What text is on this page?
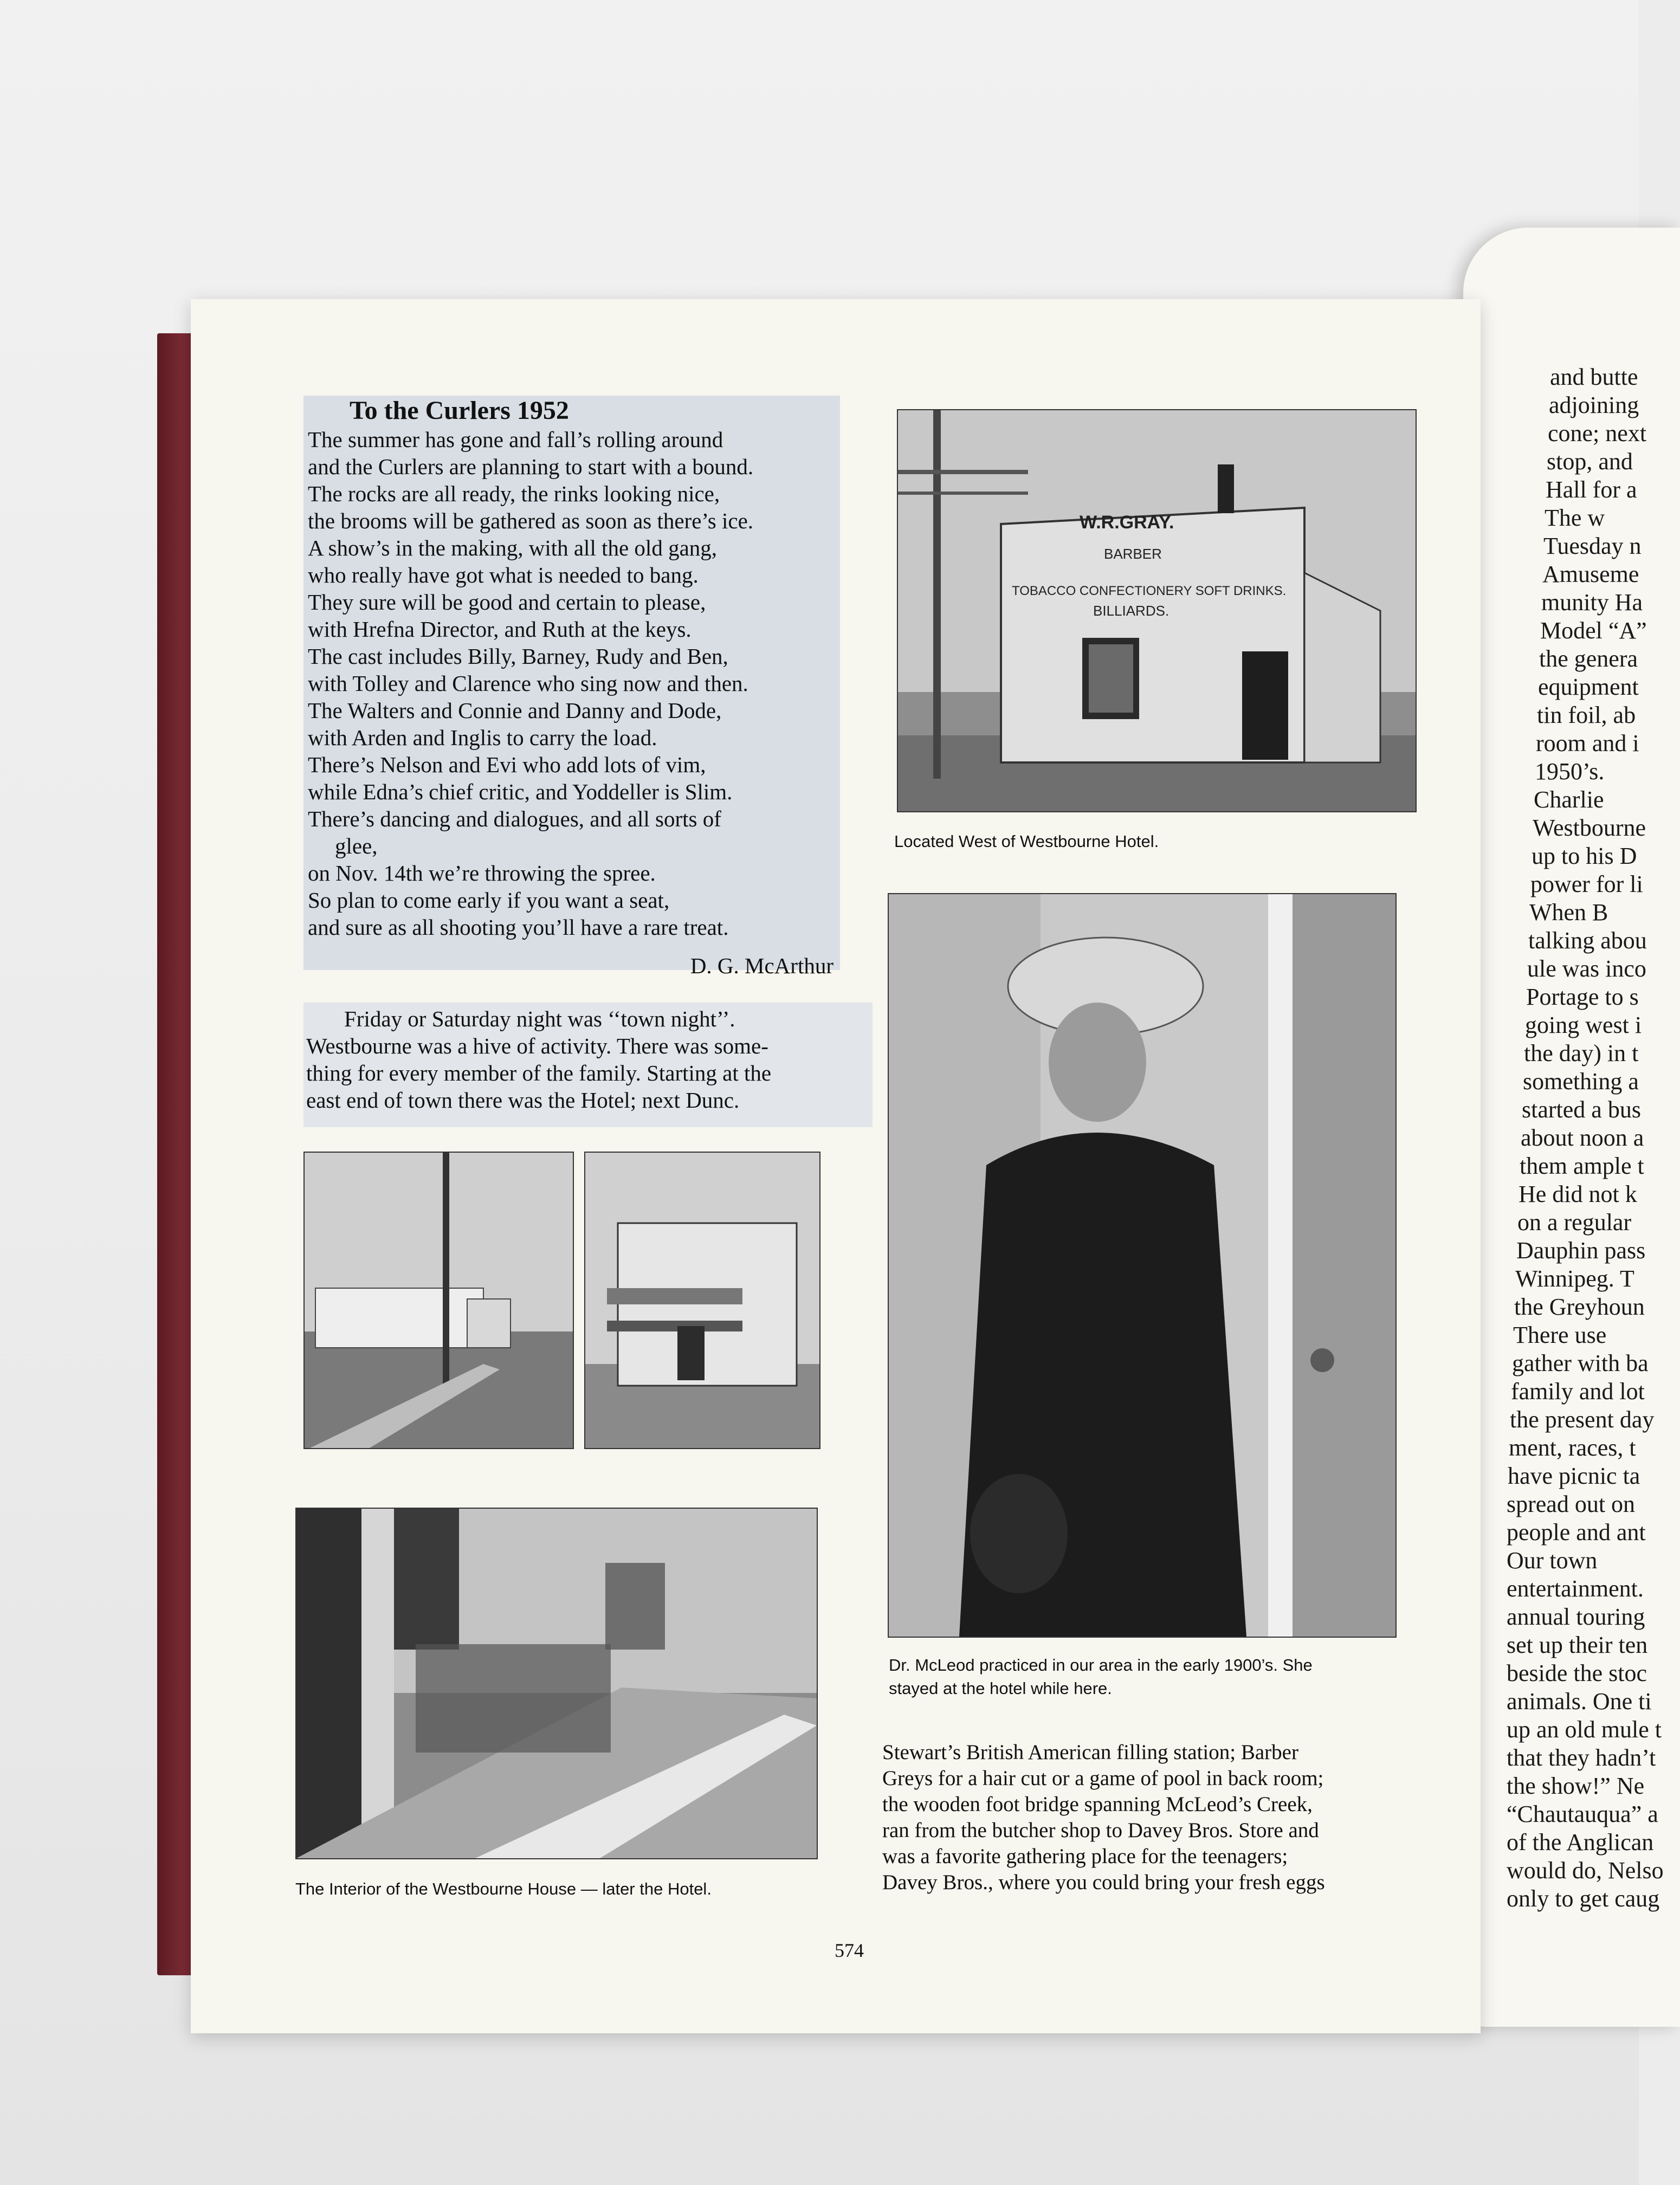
and butte
adjoining
cone; next
stop, and
Hall for a
The w
Tuesday n
Amuseme
munity Ha
Model “A”
the genera
equipment
tin foil, ab
room and i
1950’s.
Charlie
Westbourne
up to his D
power for li
When B
talking abou
ule was inco
Portage to s
going west i
the day) in t
something a
started a bus
about noon a
them ample t
He did not k
on a regular
Dauphin pass
Winnipeg. T
the Greyhoun
There use
gather with ba
family and lot
the present day
ment, races, t
have picnic ta
spread out on
people and ant
Our town
entertainment.
annual touring
set up their ten
beside the stoc
animals. One ti
up an old mule t
that they hadn’t
the show!” Ne
“Chautauqua” a
of the Anglican
would do, Nelso
only to get caug
To the Curlers 1952
The summer has gone and fall’s rolling around
and the Curlers are planning to start with a bound.
The rocks are all ready, the rinks looking nice,
the brooms will be gathered as soon as there’s ice.
A show’s in the making, with all the old gang,
who really have got what is needed to bang.
They sure will be good and certain to please,
with Hrefna Director, and Ruth at the keys.
The cast includes Billy, Barney, Rudy and Ben,
with Tolley and Clarence who sing now and then.
The Walters and Connie and Danny and Dode,
with Arden and Inglis to carry the load.
There’s Nelson and Evi who add lots of vim,
while Edna’s chief critic, and Yoddeller is Slim.
There’s dancing and dialogues, and all sorts of
glee,
on Nov. 14th we’re throwing the spree.
So plan to come early if you want a seat,
and sure as all shooting you’ll have a rare treat.
D. G. McArthur
Friday or Saturday night was ‘‘town night’’.
Westbourne was a hive of activity. There was some-
thing for every member of the family. Starting at the
east end of town there was the Hotel; next Dunc.
W.R.GRAY.
BARBER
TOBACCO CONFECTIONERY SOFT DRINKS.
BILLIARDS.
Located West of Westbourne Hotel.
The Interior of the Westbourne House — later the Hotel.
Dr. McLeod practiced in our area in the early 1900’s. She
stayed at the hotel while here.
Stewart’s British American filling station; Barber
Greys for a hair cut or a game of pool in back room;
the wooden foot bridge spanning McLeod’s Creek,
ran from the butcher shop to Davey Bros. Store and
was a favorite gathering place for the teenagers;
Davey Bros., where you could bring your fresh eggs
574
